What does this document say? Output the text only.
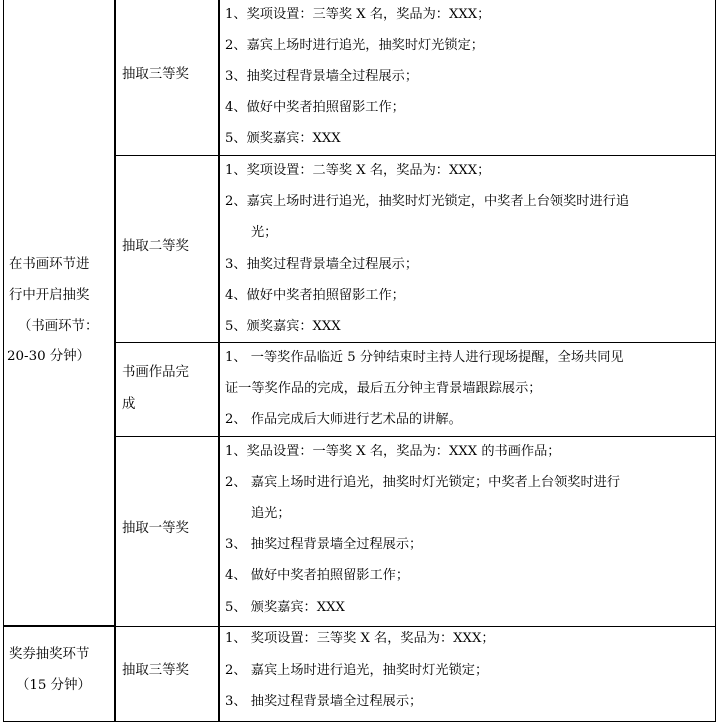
在书画环节进
行中开启抽奖
（书画环节：
20-30 分钟）
抽取三等奖
1、奖项设置：三等奖 X 名，奖品为：XXX；
2、嘉宾上场时进行追光，抽奖时灯光锁定；
3、抽奖过程背景墙全过程展示；
4、做好中奖者拍照留影工作；
5、颁奖嘉宾：XXX
抽取二等奖
1、奖项设置：二等奖 X 名，奖品为：XXX；
2、嘉宾上场时进行追光，抽奖时灯光锁定，中奖者上台领奖时进行追
光；
3、抽奖过程背景墙全过程展示；
4、做好中奖者拍照留影工作；
5、颁奖嘉宾：XXX
书画作品完
成
1、 一等奖作品临近 5 分钟结束时主持人进行现场提醒，全场共同见
证一等奖作品的完成，最后五分钟主背景墙跟踪展示；
2、 作品完成后大师进行艺术品的讲解。
抽取一等奖
1、奖品设置：一等奖 X 名，奖品为：XXX 的书画作品；
2、 嘉宾上场时进行追光，抽奖时灯光锁定；中奖者上台领奖时进行
追光；
3、 抽奖过程背景墙全过程展示；
4、 做好中奖者拍照留影工作；
5、 颁奖嘉宾：XXX
奖券抽奖环节
（15 分钟）
抽取三等奖
1、 奖项设置：三等奖 X 名，奖品为：XXX；
2、 嘉宾上场时进行追光，抽奖时灯光锁定；
3、 抽奖过程背景墙全过程展示；
